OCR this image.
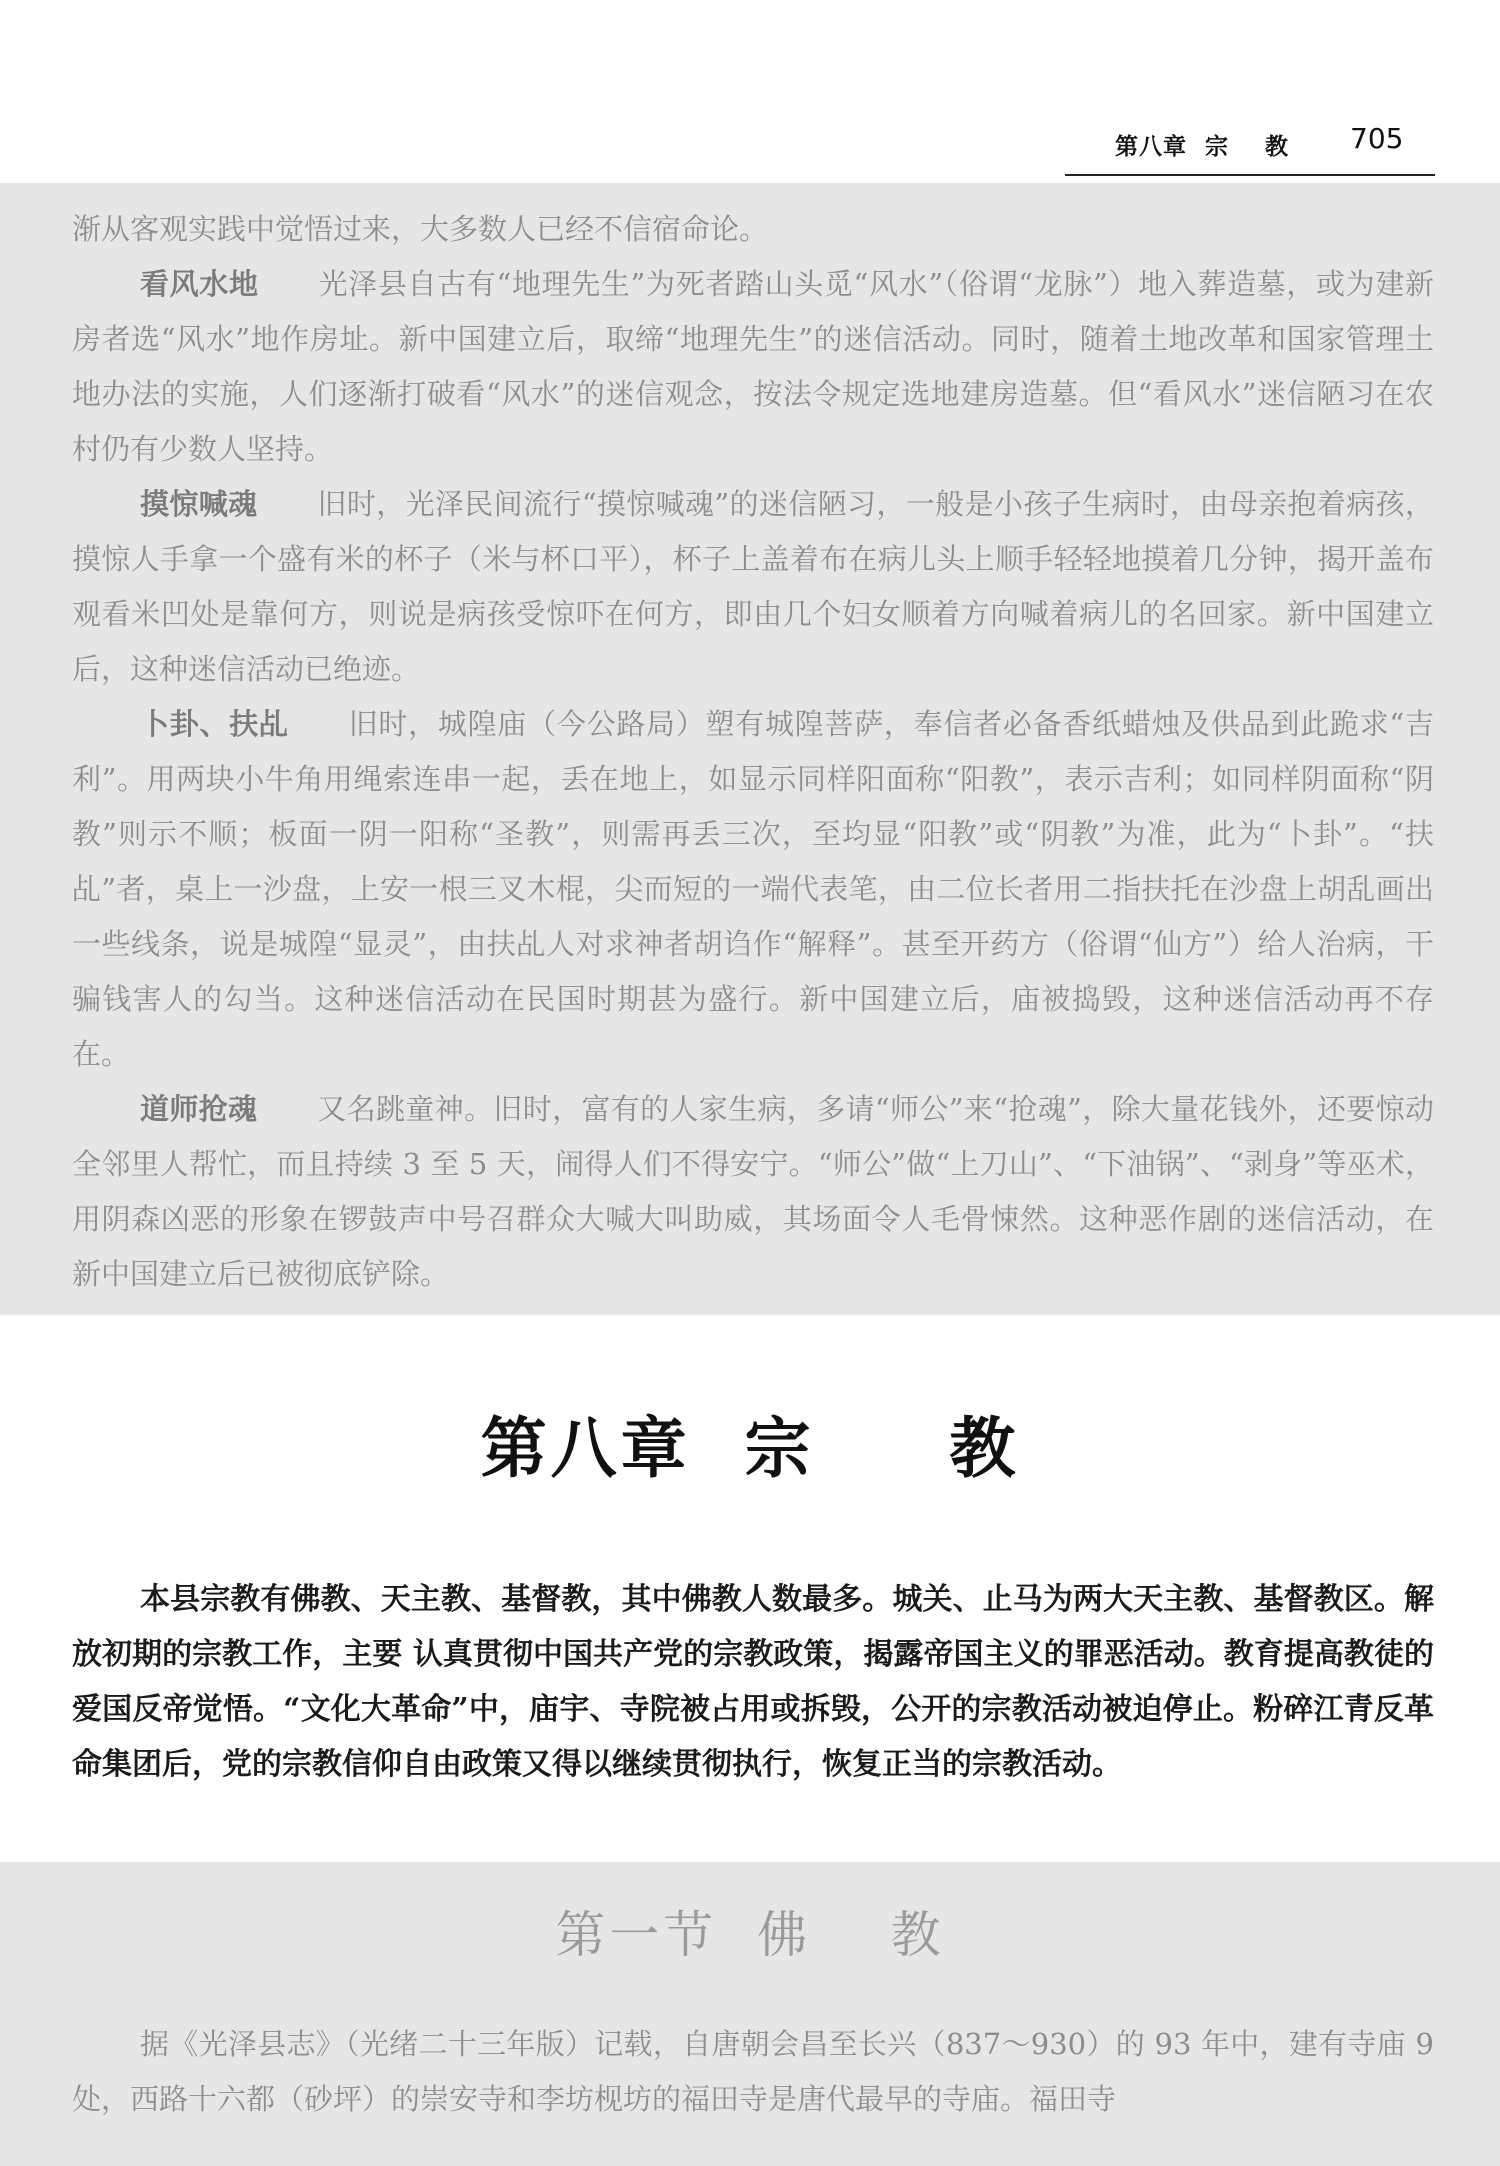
第八章  宗    教 705
渐从客观实践中觉悟过来，大多数人已经不信宿命论。
看风水地 光泽县自古有“地理先生”为死者踏山头觅“风水”（俗谓“龙脉”）地入葬造墓，或为建新房者选“风水”地作房址。新中国建立后，取缔“地理先生”的迷信活动。同时，随着土地改革和国家管理土地办法的实施，人们逐渐打破看“风水”的迷信观念，按法令规定选地建房造墓。但“看风水”迷信陋习在农村仍有少数人坚持。
摸惊喊魂 旧时，光泽民间流行“摸惊喊魂”的迷信陋习，一般是小孩子生病时，由母亲抱着病孩，摸惊人手拿一个盛有米的杯子（米与杯口平），杯子上盖着布在病儿头上顺手轻轻地摸着几分钟，揭开盖布观看米凹处是靠何方，则说是病孩受惊吓在何方，即由几个妇女顺着方向喊着病儿的名回家。新中国建立后，这种迷信活动已绝迹。
卜卦、扶乩 旧时，城隍庙（今公路局）塑有城隍菩萨，奉信者必备香纸蜡烛及供品到此跪求“吉利”。用两块小牛角用绳索连串一起，丢在地上，如显示同样阳面称“阳教”，表示吉利；如同样阴面称“阴教”则示不顺；板面一阴一阳称“圣教”，则需再丢三次，至均显“阳教”或“阴教”为准，此为“卜卦”。“扶乩”者，桌上一沙盘，上安一根三叉木棍，尖而短的一端代表笔，由二位长者用二指扶托在沙盘上胡乱画出一些线条，说是城隍“显灵”，由扶乩人对求神者胡诌作“解释”。甚至开药方（俗谓“仙方”）给人治病，干骗钱害人的勾当。这种迷信活动在民国时期甚为盛行。新中国建立后，庙被捣毁，这种迷信活动再不存在。
道师抢魂 又名跳童神。旧时，富有的人家生病，多请“师公”来“抢魂”，除大量花钱外，还要惊动全邻里人帮忙，而且持续 3 至 5 天，闹得人们不得安宁。“师公”做“上刀山”、“下油锅”、“剥身”等巫术，用阴森凶恶的形象在锣鼓声中号召群众大喊大叫助威，其场面令人毛骨悚然。这种恶作剧的迷信活动，在新中国建立后已被彻底铲除。
第八章  宗     教
本县宗教有佛教、天主教、基督教，其中佛教人数最多。城关、止马为两大天主教、基督教区。解放初期的宗教工作，主要 认真贯彻中国共产党的宗教政策，揭露帝国主义的罪恶活动。教育提高教徒的爱国反帝觉悟。“文化大革命”中，庙宇、寺院被占用或拆毁，公开的宗教活动被迫停止。粉碎江青反革命集团后，党的宗教信仰自由政策又得以继续贯彻执行，恢复正当的宗教活动。
第一节  佛    教
据《光泽县志》（光绪二十三年版）记载，自唐朝会昌至长兴（837～930）的 93 年中，建有寺庙 9 处，西路十六都（砂坪）的崇安寺和李坊枧坊的福田寺是唐代最早的寺庙。福田寺
